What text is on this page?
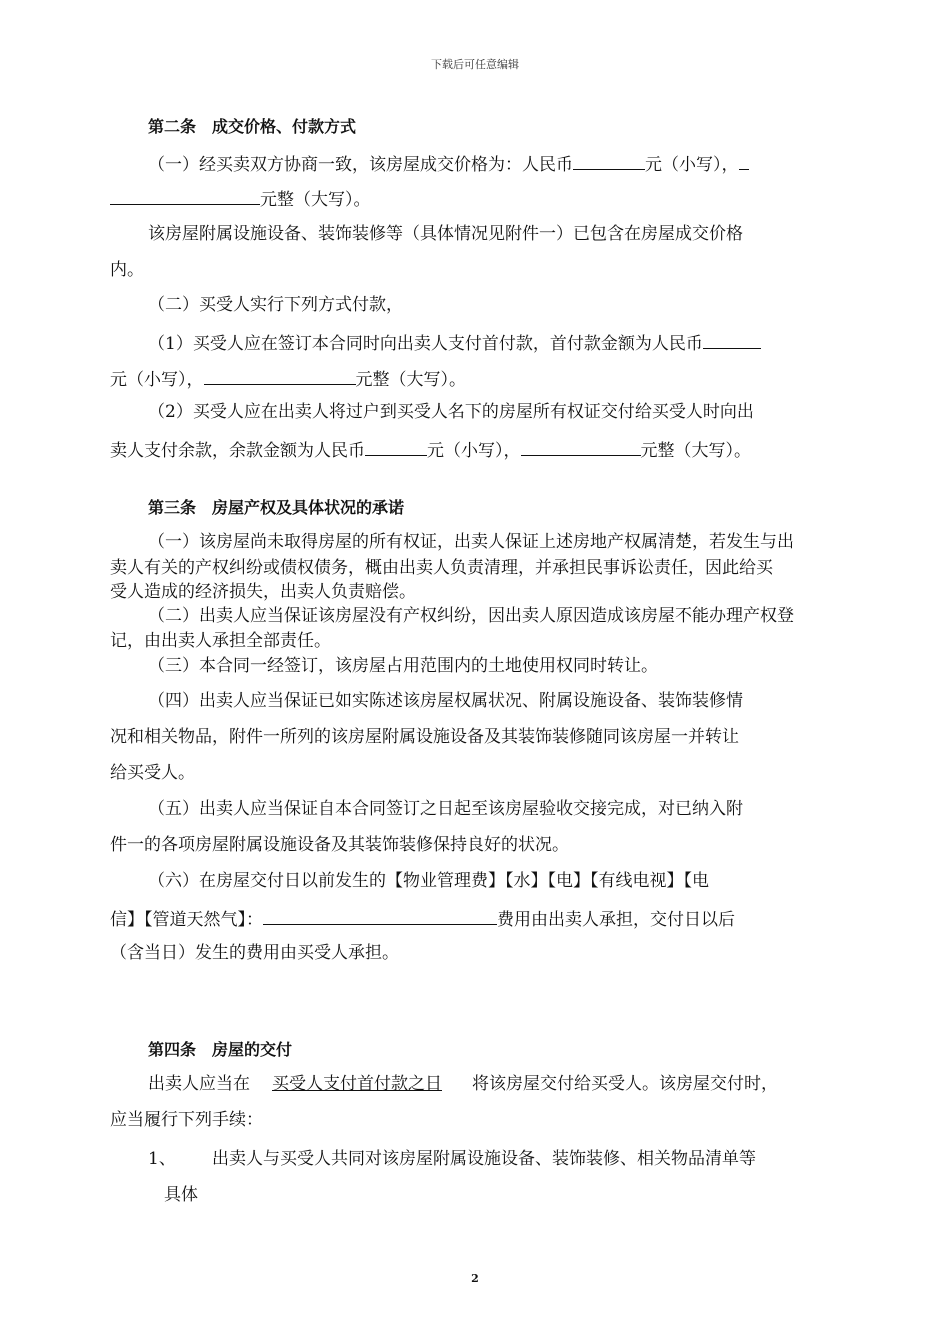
下载后可任意编辑
第二条　成交价格、付款方式
（一）经买卖双方协商一致，该房屋成交价格为：人民币	元（小写），
元整（大写）。
该房屋附属设施设备、装饰装修等（具体情况见附件一）已包含在房屋成交价格
内。
（二）买受人实行下列方式付款，
（1）买受人应在签订本合同时向出卖人支付首付款，首付款金额为人民币
元（小写），	元整（大写）。
（2）买受人应在出卖人将过户到买受人名下的房屋所有权证交付给买受人时向出
卖人支付余款，余款金额为人民币	元（小写），	元整（大写）。
第三条　房屋产权及具体状况的承诺
（一）该房屋尚未取得房屋的所有权证，出卖人保证上述房地产权属清楚，若发生与出
卖人有关的产权纠纷或债权债务，概由出卖人负责清理，并承担民事诉讼责任，因此给买
受人造成的经济损失，出卖人负责赔偿。
（二）出卖人应当保证该房屋没有产权纠纷，因出卖人原因造成该房屋不能办理产权登
记，由出卖人承担全部责任。
（三）本合同一经签订，该房屋占用范围内的土地使用权同时转让。
（四）出卖人应当保证已如实陈述该房屋权属状况、附属设施设备、装饰装修情
况和相关物品，附件一所列的该房屋附属设施设备及其装饰装修随同该房屋一并转让
给买受人。
（五）出卖人应当保证自本合同签订之日起至该房屋验收交接完成，对已纳入附
件一的各项房屋附属设施设备及其装饰装修保持良好的状况。
（六）在房屋交付日以前发生的【物业管理费】【水】【电】【有线电视】【电
信】【管道天然气】：	费用由出卖人承担，交付日以后
（含当日）发生的费用由买受人承担。
第四条　房屋的交付
出卖人应当在 买受人支付首付款之日 将该房屋交付给买受人。该房屋交付时，
应当履行下列手续：
1、 出卖人与买受人共同对该房屋附属设施设备、装饰装修、相关物品清单等
具体
2
